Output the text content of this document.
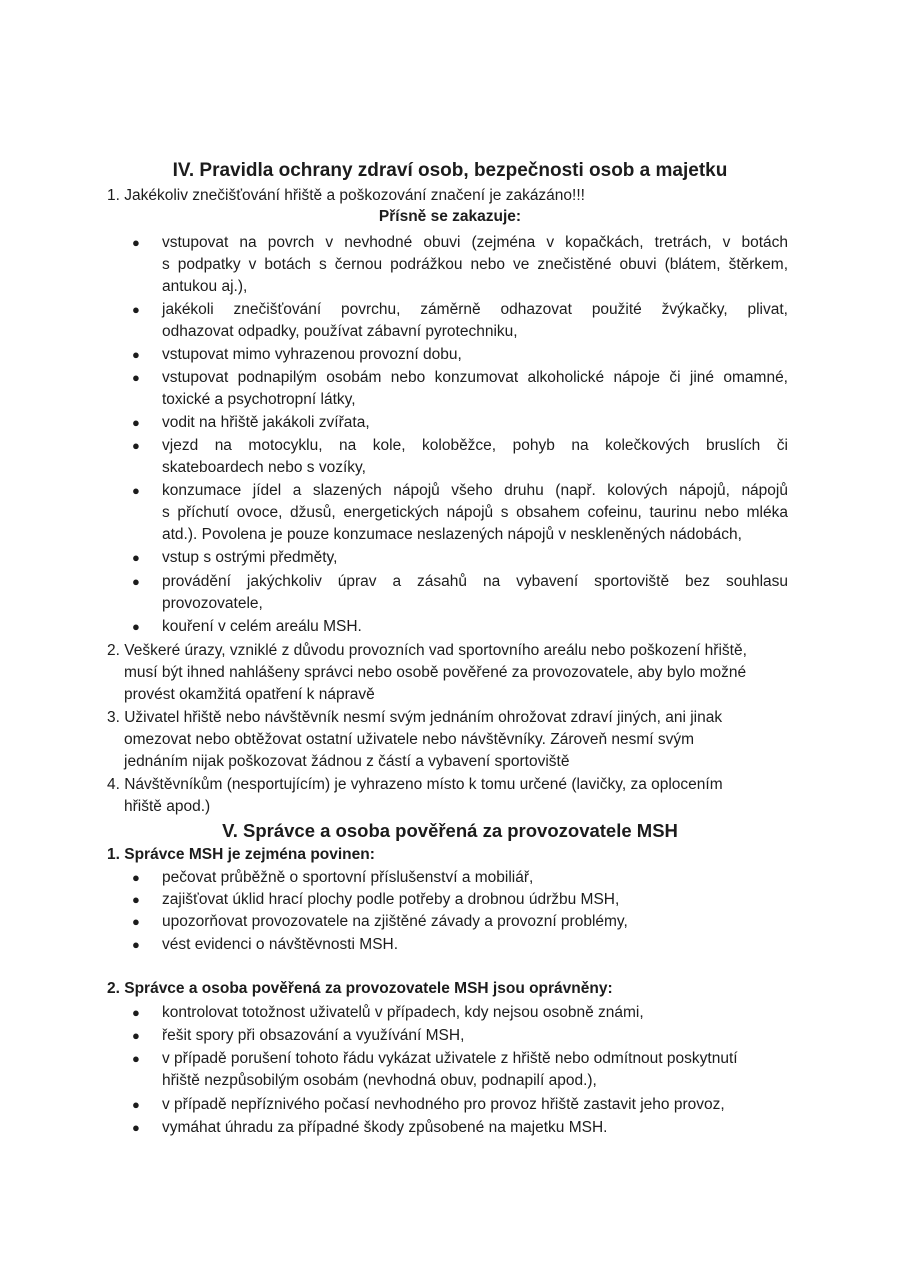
IV. Pravidla ochrany zdraví osob, bezpečnosti osob a majetku
1. Jakékoliv znečišťování hřiště a poškozování značení je zakázáno!!!
Přísně se zakazuje:
● vstupovat na povrch v nevhodné obuvi (zejména v kopačkách, tretrách, v botách
s podpatky v botách s černou podrážkou nebo ve znečistěné obuvi (blátem, štěrkem,
antukou aj.),
● jakékoli znečišťování povrchu, záměrně odhazovat použité žvýkačky, plivat,
odhazovat odpadky, používat zábavní pyrotechniku,
● vstupovat mimo vyhrazenou provozní dobu,
● vstupovat podnapilým osobám nebo konzumovat alkoholické nápoje či jiné omamné,
toxické a psychotropní látky,
● vodit na hřiště jakákoli zvířata,
● vjezd na motocyklu, na kole, koloběžce, pohyb na kolečkových bruslích či
skateboardech nebo s vozíky,
● konzumace jídel a slazených nápojů všeho druhu (např. kolových nápojů, nápojů
s příchutí ovoce, džusů, energetických nápojů s obsahem cofeinu, taurinu nebo mléka
atd.). Povolena je pouze konzumace neslazených nápojů v neskleněných nádobách,
● vstup s ostrými předměty,
● provádění jakýchkoliv úprav a zásahů na vybavení sportoviště bez souhlasu
provozovatele,
● kouření v celém areálu MSH.
2. Veškeré úrazy, vzniklé z důvodu provozních vad sportovního areálu nebo poškození hřiště,
musí být ihned nahlášeny správci nebo osobě pověřené za provozovatele, aby bylo možné
provést okamžitá opatření k nápravě
3. Uživatel hřiště nebo návštěvník nesmí svým jednáním ohrožovat zdraví jiných, ani jinak
omezovat nebo obtěžovat ostatní uživatele nebo návštěvníky. Zároveň nesmí svým
jednáním nijak poškozovat žádnou z částí a vybavení sportoviště
4. Návštěvníkům (nesportujícím) je vyhrazeno místo k tomu určené (lavičky, za oplocením
hřiště apod.)
V. Správce a osoba pověřená za provozovatele MSH
1. Správce MSH je zejména povinen:
● pečovat průběžně o sportovní příslušenství a mobiliář,
● zajišťovat úklid hrací plochy podle potřeby a drobnou údržbu MSH,
● upozorňovat provozovatele na zjištěné závady a provozní problémy,
● vést evidenci o návštěvnosti MSH.
2. Správce a osoba pověřená za provozovatele MSH jsou oprávněny:
● kontrolovat totožnost uživatelů v případech, kdy nejsou osobně známi,
● řešit spory při obsazování a využívání MSH,
● v případě porušení tohoto řádu vykázat uživatele z hřiště nebo odmítnout poskytnutí
hřiště nezpůsobilým osobám (nevhodná obuv, podnapilí apod.),
● v případě nepříznivého počasí nevhodného pro provoz hřiště zastavit jeho provoz,
● vymáhat úhradu za případné škody způsobené na majetku MSH.
